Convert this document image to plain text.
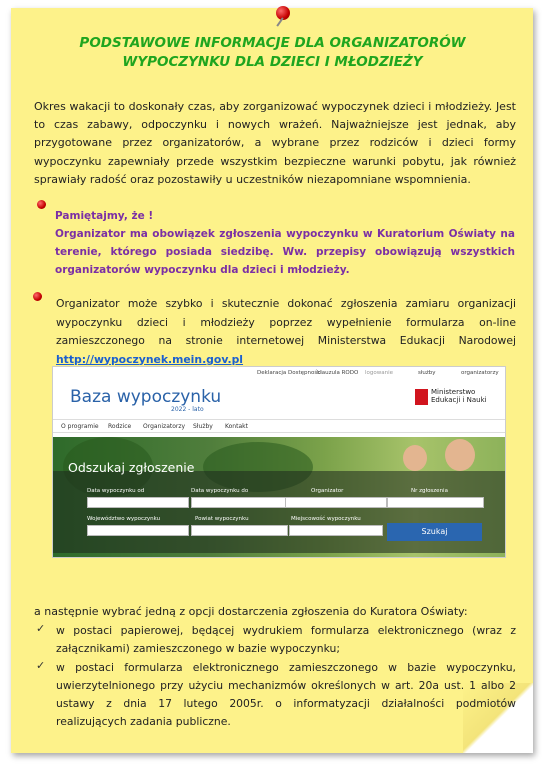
PODSTAWOWE INFORMACJE DLA ORGANIZATORÓW
WYPOCZYNKU DLA DZIECI I MŁODZIEŻY
Okres wakacji to doskonały czas, aby zorganizować wypoczynek dzieci i młodzieży. Jest to czas zabawy, odpoczynku i nowych wrażeń. Najważniejsze jest jednak, aby przygotowane przez organizatorów, a wybrane przez rodziców i dzieci formy wypoczynku zapewniały przede wszystkim bezpieczne warunki pobytu, jak również sprawiały radość oraz pozostawiły u uczestników niezapomniane wspomnienia.
Pamiętajmy, że !
Organizator ma obowiązek zgłoszenia wypoczynku w Kuratorium Oświaty na terenie, którego posiada siedzibę. Ww. przepisy obowiązują wszystkich organizatorów wypoczynku dla dzieci i młodzieży.
Organizator może szybko i skutecznie dokonać zgłoszenia zamiaru organizacji wypoczynku dzieci i młodzieży poprzez wypełnienie formularza on-line zamieszczonego na stronie internetowej Ministerstwa Edukacji Narodowej http://wypoczynek.mein.gov.pl
Deklaracja Dostępności
klauzula RODO logowanie	służby	organizatorzy
Baza wypoczynku
2022 - lato
Ministerstwo Edukacji i Nauki
O programie Rodzice Organizatorzy Służby Kontakt
Odszukaj zgłoszenie
Data wypoczynku od	Data wypoczynku do	Organizator	Nr zgłoszenia
Województwo wypoczynku	Powiat wypoczynku	Miejscowość wypoczynku
Szukaj
a następnie wybrać jedną z opcji dostarczenia zgłoszenia do Kuratora Oświaty:
✓ w postaci papierowej, będącej wydrukiem formularza elektronicznego (wraz z załącznikami) zamieszczonego w bazie wypoczynku;
✓ w postaci formularza elektronicznego zamieszczonego w bazie wypoczynku, uwierzytelnionego przy użyciu mechanizmów określonych w art. 20a ust. 1 albo 2 ustawy z dnia 17 lutego 2005r. o informatyzacji działalności podmiotów realizujących zadania publiczne.
